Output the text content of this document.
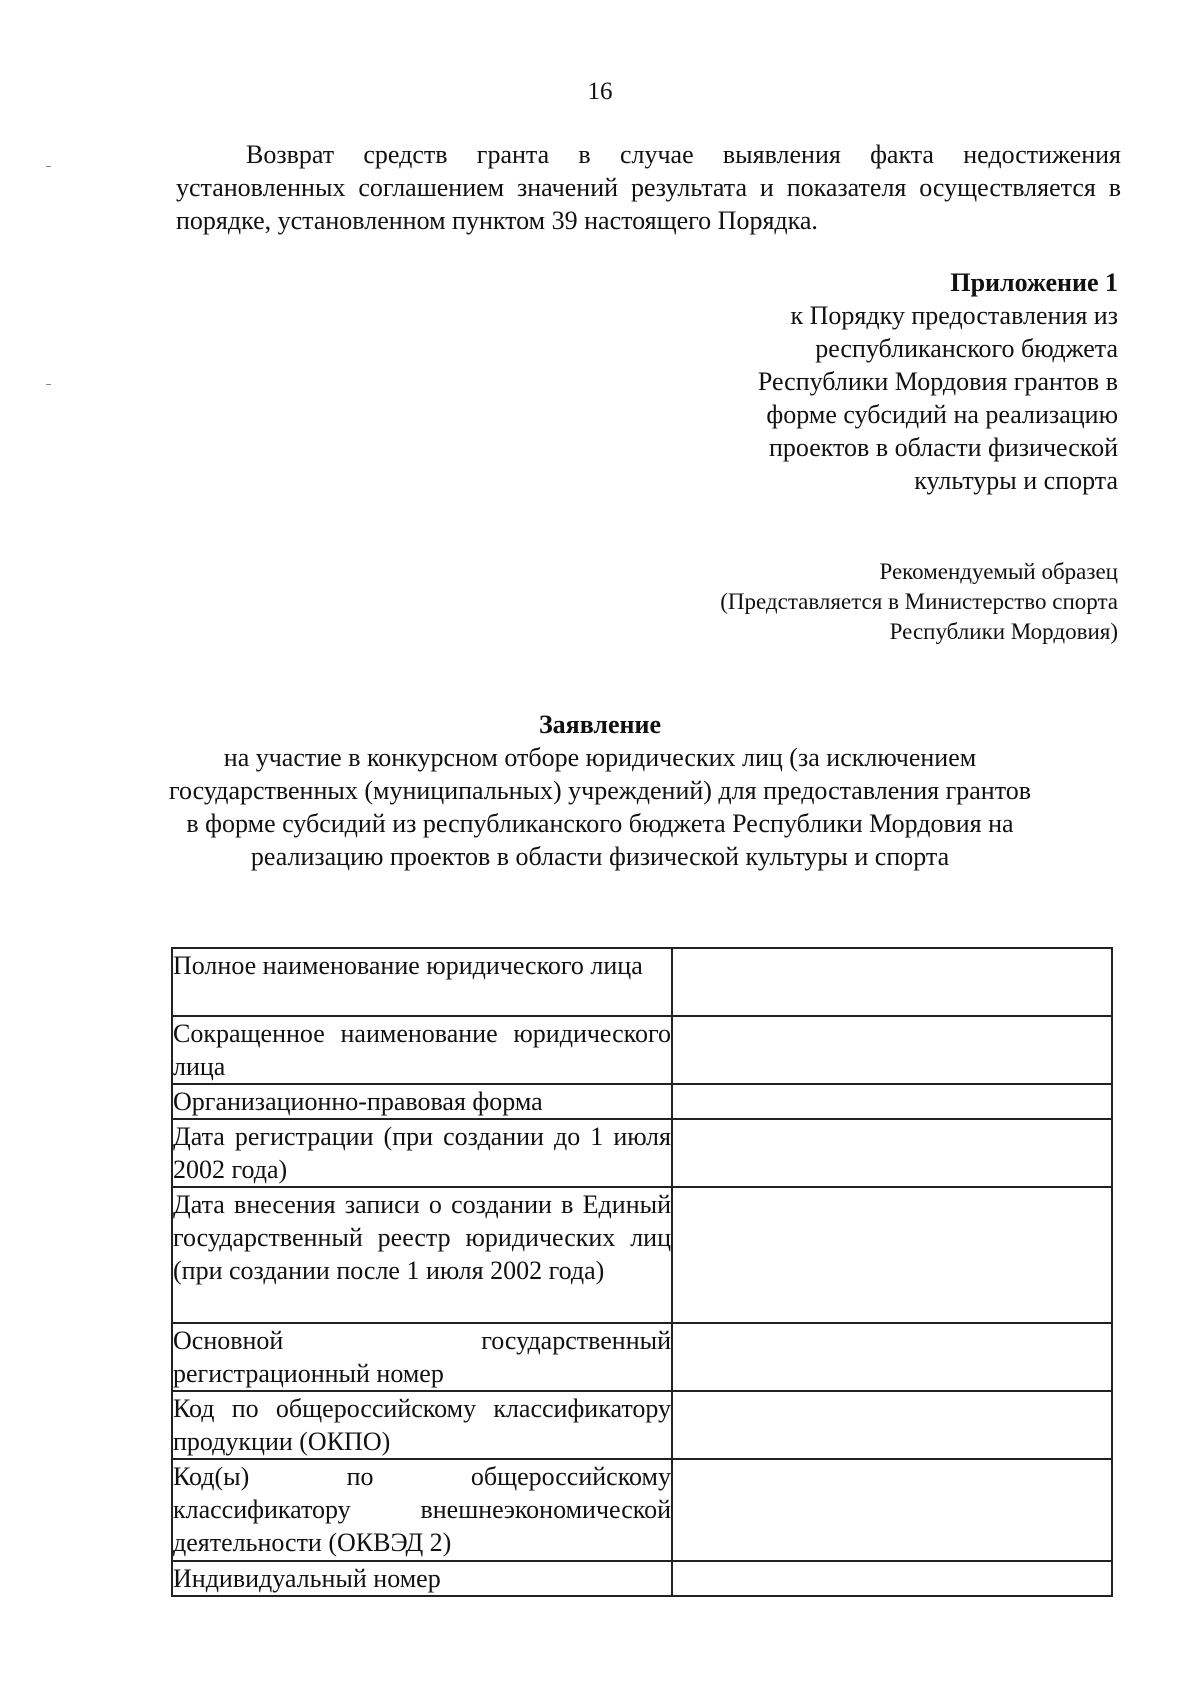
16
Возврат средств гранта в случае выявления факта недостижения установленных соглашением значений результата и показателя осуществляется в порядке, установленном пунктом 39 настоящего Порядка.
Приложение 1
к Порядку предоставления из
республиканского бюджета
Республики Мордовия грантов в
форме субсидий на реализацию
проектов в области физической
культуры и спорта
Рекомендуемый образец
(Представляется в Министерство спорта
Республики Мордовия)
Заявление
на участие в конкурсном отборе юридических лиц (за исключением
государственных (муниципальных) учреждений) для предоставления грантов
в форме субсидий из республиканского бюджета Республики Мордовия на
реализацию проектов в области физической культуры и спорта
Полное наименование юридического лица	
Сокращенное наименование юридического лица	
Организационно-правовая форма	
Дата регистрации (при создании до 1 июля 2002 года)	
Дата внесения записи о создании в Единый государственный реестр юридических лиц (при создании после 1 июля 2002 года)	
Основной государственный регистрационный номер	
Код по общероссийскому классификатору продукции (ОКПО)	
Код(ы) по общероссийскому классификатору внешнеэкономической деятельности (ОКВЭД 2)	
Индивидуальный номер	
